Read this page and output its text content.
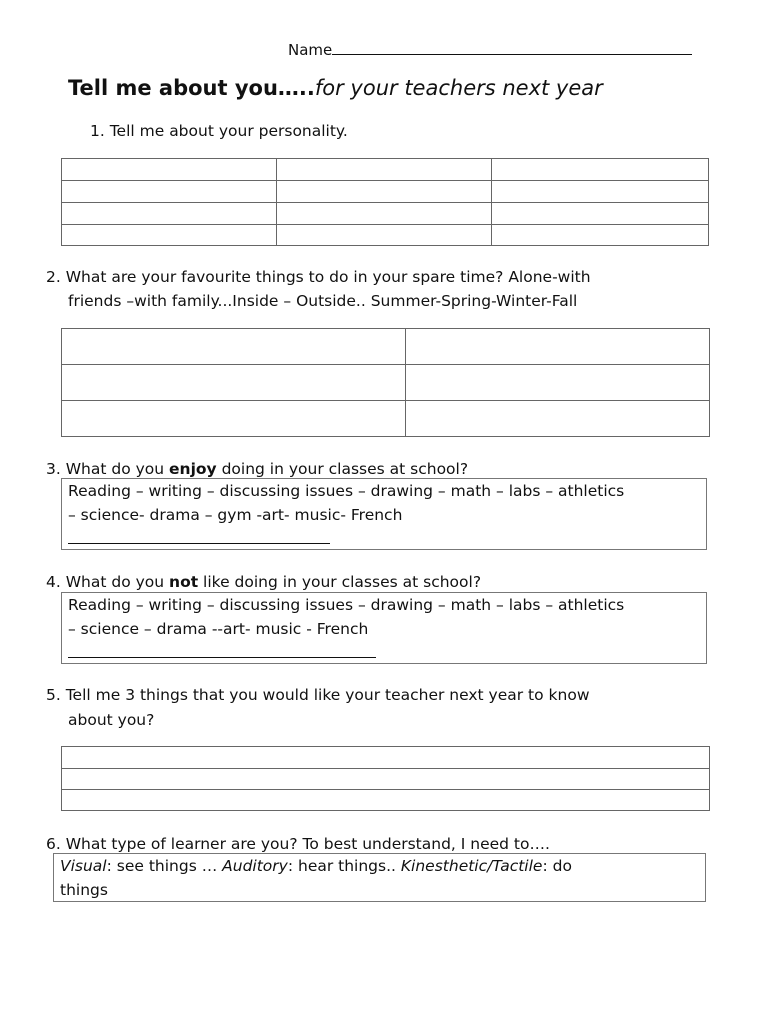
Name
Tell me about you…..for your teachers next year
1. Tell me about your personality.

2. What are your favourite things to do in your spare time? Alone-with
friends –with family...Inside – Outside.. Summer-Spring-Winter-Fall

3. What do you enjoy doing in your classes at school?
Reading – writing – discussing issues – drawing – math – labs – athletics
– science- drama – gym -art- music- French
4. What do you not like doing in your classes at school?
Reading – writing – discussing issues – drawing – math – labs – athletics
– science – drama --art- music - French
5. Tell me 3 things that you would like your teacher next year to know
about you?

6. What type of learner are you? To best understand, I need to….
Visual: see things … Auditory: hear things.. Kinesthetic/Tactile: do
things
